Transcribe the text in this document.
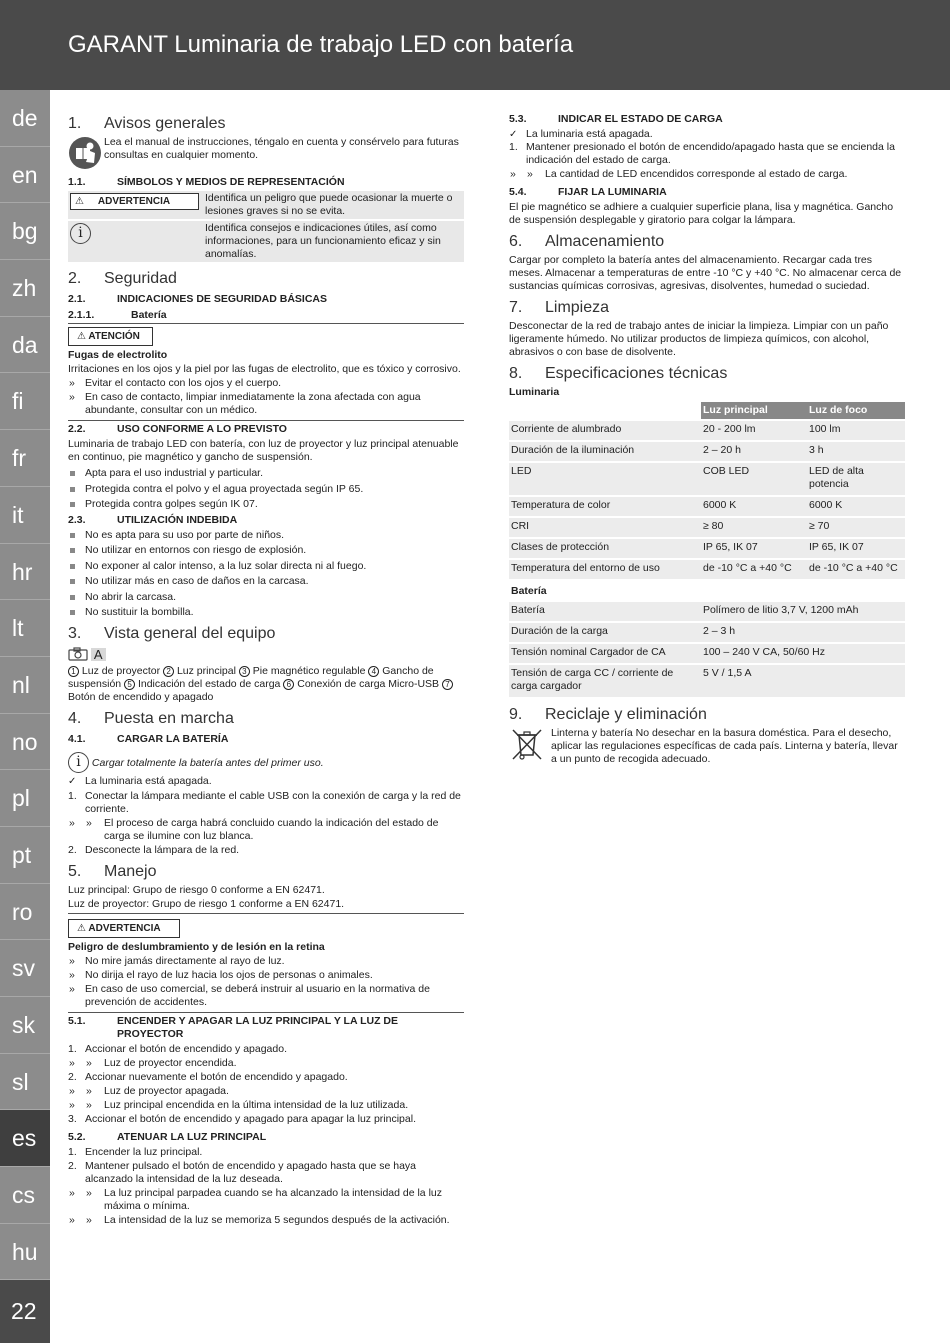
GARANT Luminaria de trabajo LED con batería
de
en
bg
zh
da
fi
fr
it
hr
lt
nl
no
pl
pt
ro
sv
sk
sl
es
cs
hu
22
1. Avisos generales

Lea el manual de instrucciones, téngalo en cuenta y consérvelo para futuras consultas en cualquier momento.

1.1.	SÍMBOLOS Y MEDIOS DE REPRESENTACIÓN
⚠ ADVERTENCIA	Identifica un peligro que puede ocasionar la muerte o lesiones graves si no se evita.
i	Identifica consejos e indicaciones útiles, así como informaciones, para un funcionamiento eficaz y sin anomalías.
2. Seguridad
2.1.	INDICACIONES DE SEGURIDAD BÁSICAS
2.1.1.	Batería
⚠ ATENCIÓN

Fugas de electrolito

Irritaciones en los ojos y la piel por las fugas de electrolito, que es tóxico y corrosivo.

» Evitar el contacto con los ojos y el cuerpo.
» En caso de contacto, limpiar inmediatamente la zona afectada con agua abundante, consultar con un médico.
2.2.	USO CONFORME A LO PREVISTO

Luminaria de trabajo LED con batería, con luz de proyector y luz principal atenuable en continuo, pie magnético y gancho de suspensión.

Apta para el uso industrial y particular.
Protegida contra el polvo y el agua proyectada según IP 65.
Protegida contra golpes según IK 07.
2.3.	UTILIZACIÓN INDEBIDA
No es apta para su uso por parte de niños.
No utilizar en entornos con riesgo de explosión.
No exponer al calor intenso, a la luz solar directa ni al fuego.
No utilizar más en caso de daños en la carcasa.
No abrir la carcasa.
No sustituir la bombilla.
3. Vista general del equipo
A

1 Luz de proyector 2 Luz principal 3 Pie magnético regulable 4 Gancho de suspensión 5 Indicación del estado de carga 6 Conexión de carga Micro-USB 7 Botón de encendido y apagado

4. Puesta en marcha
4.1.	CARGAR LA BATERÍA
i Cargar totalmente la batería antes del primer uso.
✓ La luminaria está apagada.
1. Conectar la lámpara mediante el cable USB con la conexión de carga y la red de corriente.
» » El proceso de carga habrá concluido cuando la indicación del estado de carga se ilumine con luz blanca.
2. Desconecte la lámpara de la red.
5. Manejo

Luz principal: Grupo de riesgo 0 conforme a EN 62471.

Luz de proyector: Grupo de riesgo 1 conforme a EN 62471.

⚠ ADVERTENCIA

Peligro de deslumbramiento y de lesión en la retina

» No mire jamás directamente al rayo de luz.
» No dirija el rayo de luz hacia los ojos de personas o animales.
» En caso de uso comercial, se deberá instruir al usuario en la normativa de prevención de accidentes.
5.1.	ENCENDER Y APAGAR LA LUZ PRINCIPAL Y LA LUZ DE PROYECTOR
1. Accionar el botón de encendido y apagado.
» » Luz de proyector encendida.
2. Accionar nuevamente el botón de encendido y apagado.
» » Luz de proyector apagada.
» » Luz principal encendida en la última intensidad de la luz utilizada.
3. Accionar el botón de encendido y apagado para apagar la luz principal.
5.2.	ATENUAR LA LUZ PRINCIPAL
1. Encender la luz principal.
2. Mantener pulsado el botón de encendido y apagado hasta que se haya alcanzado la intensidad de la luz deseada.
» » La luz principal parpadea cuando se ha alcanzado la intensidad de la luz máxima o mínima.
» » La intensidad de la luz se memoriza 5 segundos después de la activación.
5.3.	INDICAR EL ESTADO DE CARGA
✓ La luminaria está apagada.
1. Mantener presionado el botón de encendido/apagado hasta que se encienda la indicación del estado de carga.
» » La cantidad de LED encendidos corresponde al estado de carga.
5.4.	FIJAR LA LUMINARIA

El pie magnético se adhiere a cualquier superficie plana, lisa y magnética. Gancho de suspensión desplegable y giratorio para colgar la lámpara.

6. Almacenamiento

Cargar por completo la batería antes del almacenamiento. Recargar cada tres meses. Almacenar a temperaturas de entre -10 °C y +40 °C. No almacenar cerca de sustancias químicas corrosivas, agresivas, disolventes, humedad o suciedad.

7. Limpieza

Desconectar de la red de trabajo antes de iniciar la limpieza. Limpiar con un paño ligeramente húmedo. No utilizar productos de limpieza químicos, con alcohol, abrasivos o con base de disolvente.

8. Especificaciones técnicas

Luminaria

	Luz principal	Luz de foco
Corriente de alumbrado	20 - 200 lm	100 lm
Duración de la iluminación	2 – 20 h	3 h
LED	COB LED	LED de alta potencia
Temperatura de color	6000 K	6000 K
CRI	≥ 80	≥ 70
Clases de protección	IP 65, IK 07	IP 65, IK 07
Temperatura del entorno de uso	de -10 °C a +40 °C	de -10 °C a +40 °C
Batería		
Batería	Polímero de litio 3,7 V, 1200 mAh	
Duración de la carga	2 – 3 h	
Tensión nominal Cargador de CA	100 – 240 V CA, 50/60 Hz	
Tensión de carga CC / corriente de carga cargador	5 V / 1,5 A	
9. Reciclaje y eliminación

Linterna y batería No desechar en la basura doméstica. Para el desecho, aplicar las regulaciones específicas de cada país. Linterna y batería, llevar a un punto de recogida adecuado.
